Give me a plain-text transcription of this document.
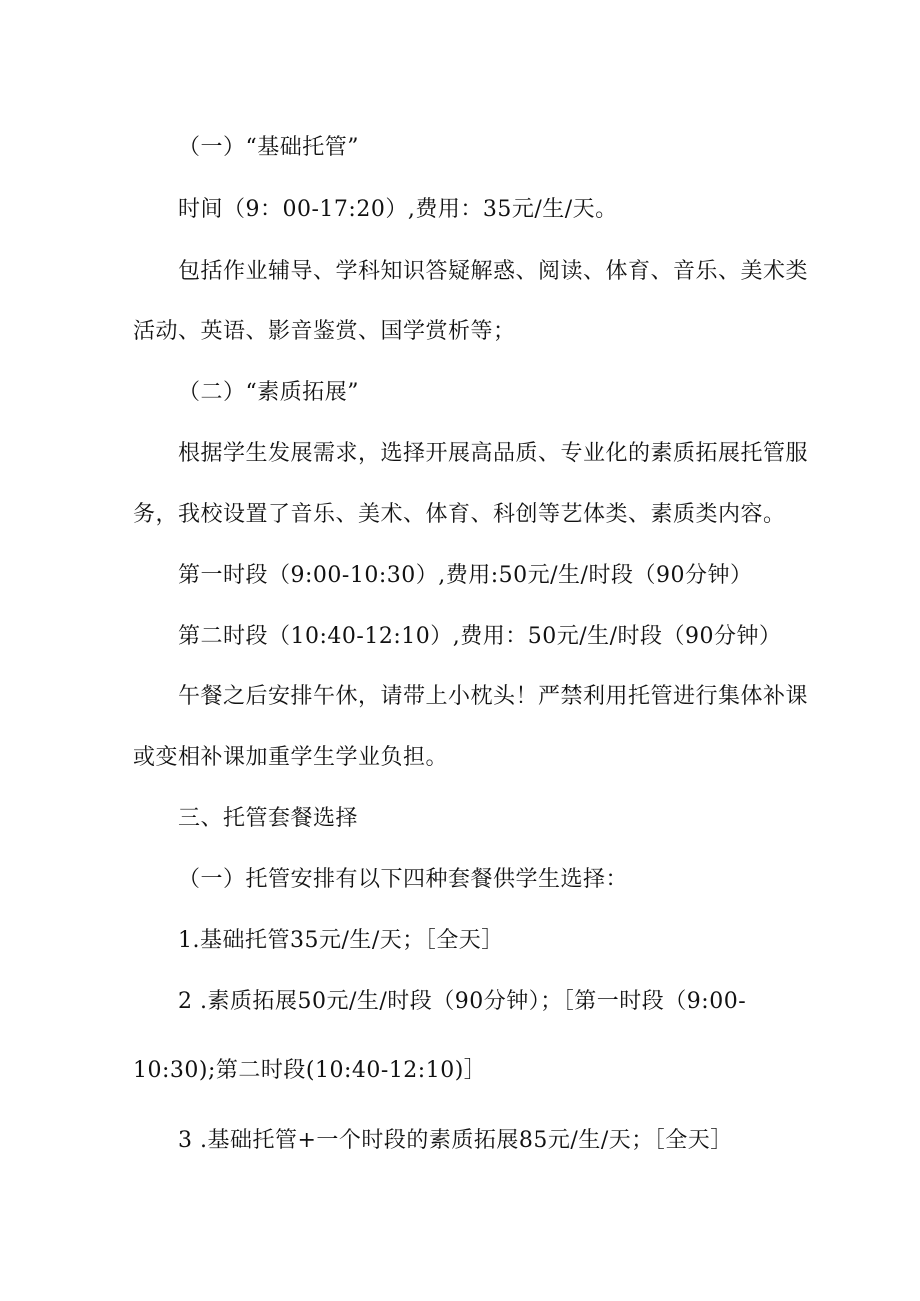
（一）“基础托管”
时间（9：00-17:20）,费用：35元/生/天。
包括作业辅导、学科知识答疑解惑、阅读、体育、音乐、美术类
活动、英语、影音鉴赏、国学赏析等；
（二）“素质拓展”
根据学生发展需求，选择开展高品质、专业化的素质拓展托管服
务，我校设置了音乐、美术、体育、科创等艺体类、素质类内容。
第一时段（9:00-10:30）,费用:50元/生/时段（90分钟）
第二时段（10:40-12:10）,费用：50元/生/时段（90分钟）
午餐之后安排午休，请带上小枕头！严禁利用托管进行集体补课
或变相补课加重学生学业负担。
三、托管套餐选择
（一）托管安排有以下四种套餐供学生选择：
1.基础托管35元/生/天；［全天］
2 .素质拓展50元/生/时段（90分钟）；［第一时段（9:00-
10:30);第二时段(10:40-12:10)］
3 .基础托管+一个时段的素质拓展85元/生/天；［全天］
